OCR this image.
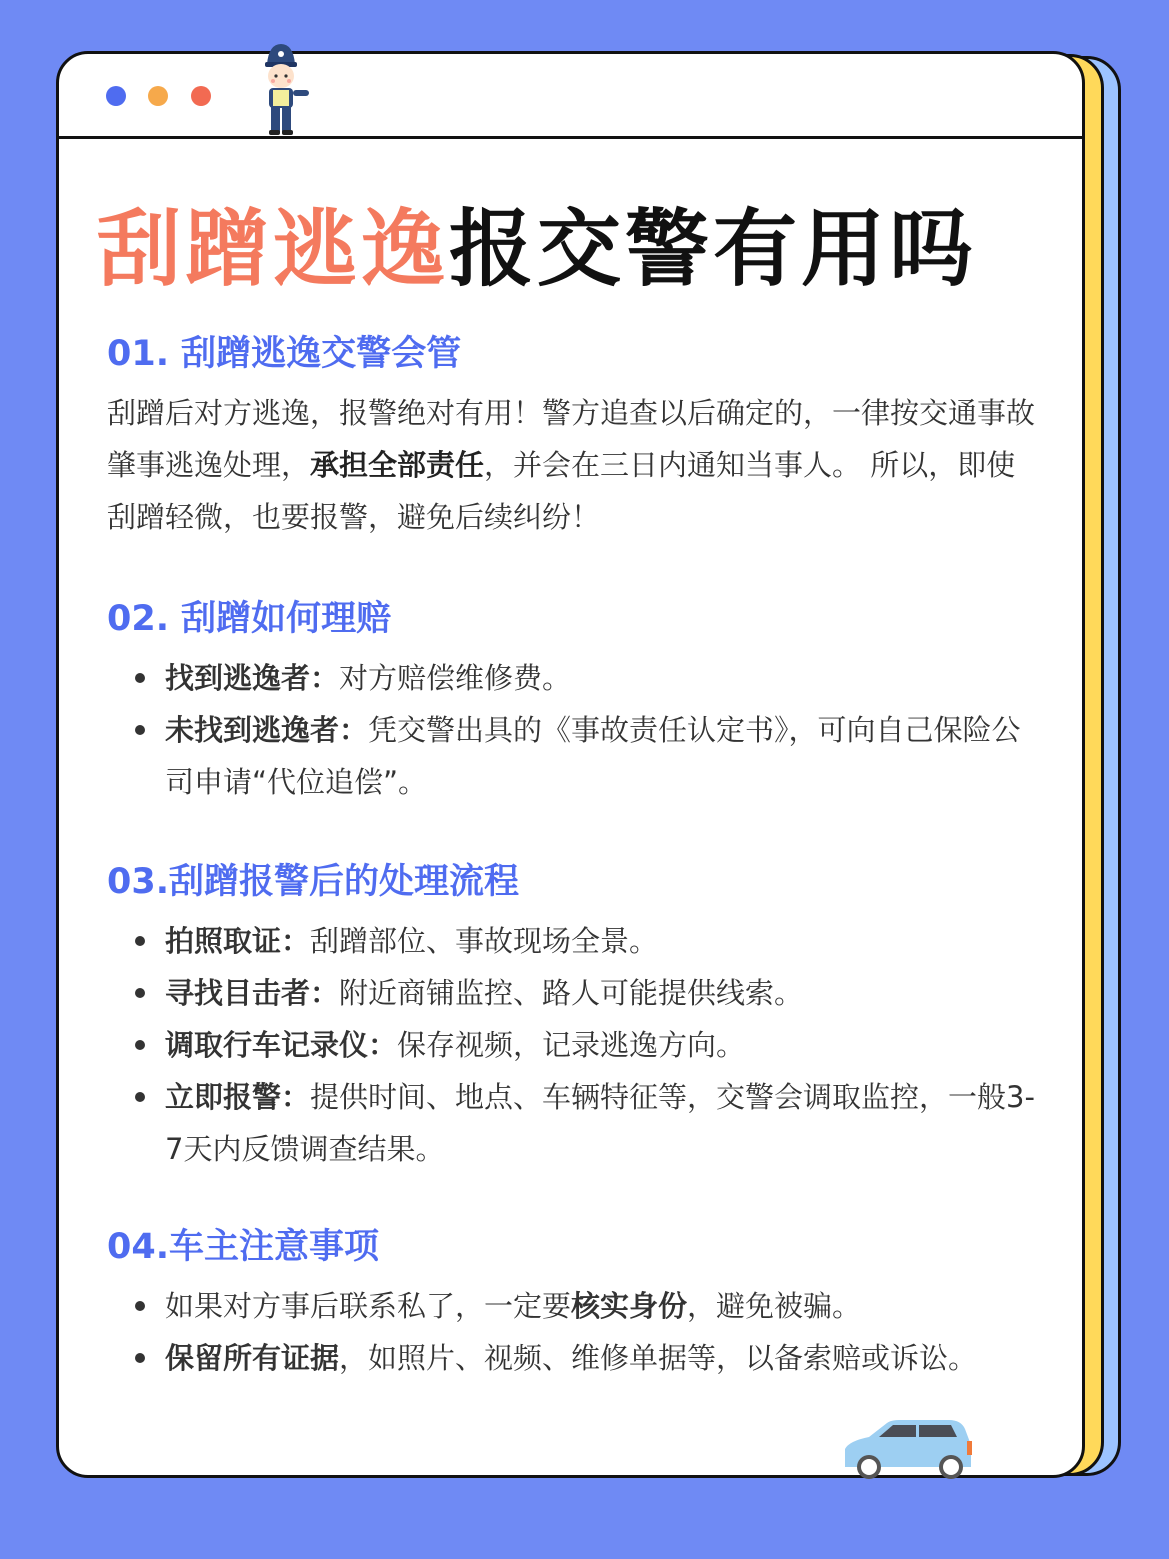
刮蹭逃逸报交警有用吗
01. 刮蹭逃逸交警会管

刮蹭后对方逃逸，报警绝对有用！警方追查以后确定的，一律按交通事故肇事逃逸处理，承担全部责任，并会在三日内通知当事人。 所以，即使刮蹭轻微，也要报警，避免后续纠纷！

02. 刮蹭如何理赔
找到逃逸者：对方赔偿维修费。
未找到逃逸者：凭交警出具的《事故责任认定书》，可向自己保险公司申请“代位追偿”。
03.刮蹭报警后的处理流程
拍照取证：刮蹭部位、事故现场全景。
寻找目击者：附近商铺监控、路人可能提供线索。
调取行车记录仪：保存视频，记录逃逸方向。
立即报警：提供时间、地点、车辆特征等，交警会调取监控，一般3-7天内反馈调查结果。
04.车主注意事项
如果对方事后联系私了，一定要核实身份，避免被骗。
保留所有证据，如照片、视频、维修单据等，以备索赔或诉讼。
